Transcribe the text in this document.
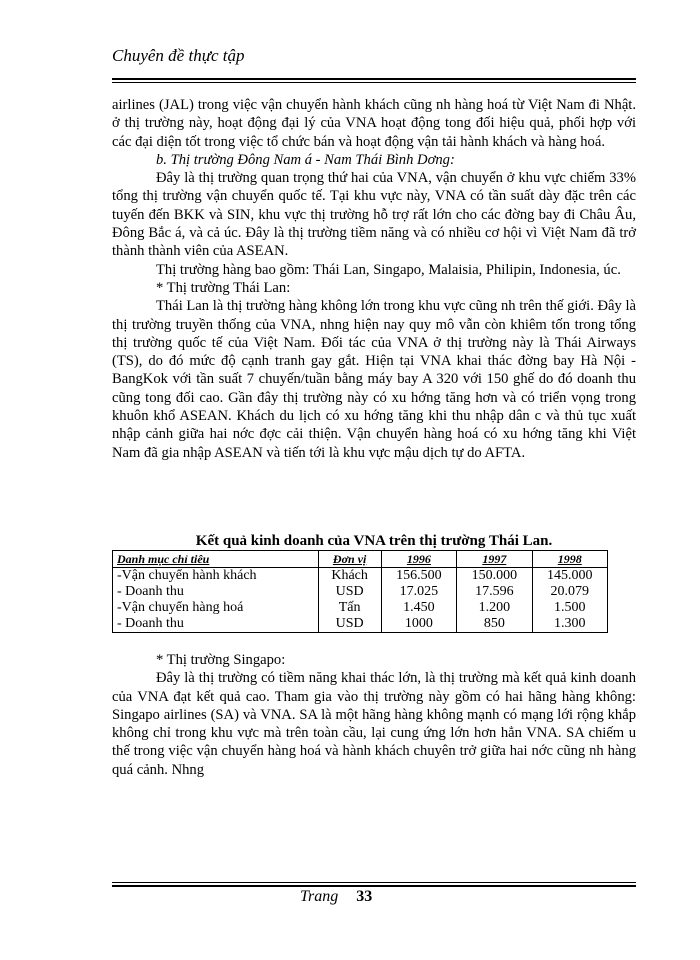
Chuyên đề thực tập

airlines (JAL) trong việc vận chuyển hành khách cũng nh hàng hoá từ Việt Nam đi Nhật. ở thị trường này, hoạt động đại lý của VNA hoạt động tong đối hiệu quả, phối hợp với các đại diện tốt trong việc tổ chức bán và hoạt động vận tải hành khách và hàng hoá.

b. Thị trường Đông Nam á - Nam Thái Bình Dơng:

Đây là thị trường quan trọng thứ hai của VNA, vận chuyển ở khu vực chiếm 33% tổng thị trường vận chuyển quốc tế. Tại khu vực này, VNA có tần suất dày đặc trên các tuyến đến BKK và SIN, khu vực thị trường hỗ trợ rất lớn cho các đờng bay đi Châu Âu, Đông Bắc á, và cả úc. Đây là thị trường tiềm năng và có nhiều cơ hội vì Việt Nam đã trở thành thành viên của ASEAN.

Thị trường hàng bao gồm: Thái Lan, Singapo, Malaisia, Philipin, Indonesia, úc.

* Thị trường Thái Lan:

Thái Lan là thị trường hàng không lớn trong khu vực cũng nh trên thế giới. Đây là thị trường truyền thống của VNA, nhng hiện nay quy mô vẫn còn khiêm tốn trong tổng thị trường quốc tế của Việt Nam. Đối tác của VNA ở thị trường này là Thái Airways (TS), do đó mức độ cạnh tranh gay gắt. Hiện tại VNA khai thác đờng bay Hà Nội - BangKok với tần suất 7 chuyến/tuần bằng máy bay A 320 với 150 ghế do đó doanh thu cũng tong đối cao. Gần đây thị trường này có xu hớng tăng hơn và có triển vọng trong khuôn khổ ASEAN. Khách du lịch có xu hớng tăng khi thu nhập dân c và thủ tục xuất nhập cảnh giữa hai nớc đợc cải thiện. Vận chuyển hàng hoá có xu hớng tăng khi Việt Nam đã gia nhập ASEAN và tiến tới là khu vực mậu dịch tự do AFTA.

Kết quả kinh doanh của VNA trên thị trường Thái Lan.

Danh mục chỉ tiêu	Đơn vị	1996	1997	1998
-Vận chuyển hành khách	Khách	156.500	150.000	145.000
- Doanh thu	USD	17.025	17.596	20.079
-Vận chuyển hàng hoá	Tấn	1.450	1.200	1.500
- Doanh thu	USD	1000	850	1.300

* Thị trường Singapo:

Đây là thị trường có tiềm năng khai thác lớn, là thị trường mà kết quả kinh doanh của VNA đạt kết quả cao. Tham gia vào thị trường này gồm có hai hãng hàng không: Singapo airlines (SA) và VNA. SA là một hãng hàng không mạnh có mạng lới rộng khắp không chỉ trong khu vực mà trên toàn cầu, lại cung ứng lớn hơn hẳn VNA. SA chiếm u thế trong việc vận chuyển hàng hoá và hành khách chuyên trở giữa hai nớc cũng nh hàng quá cảnh. Nhng

Trang 33
